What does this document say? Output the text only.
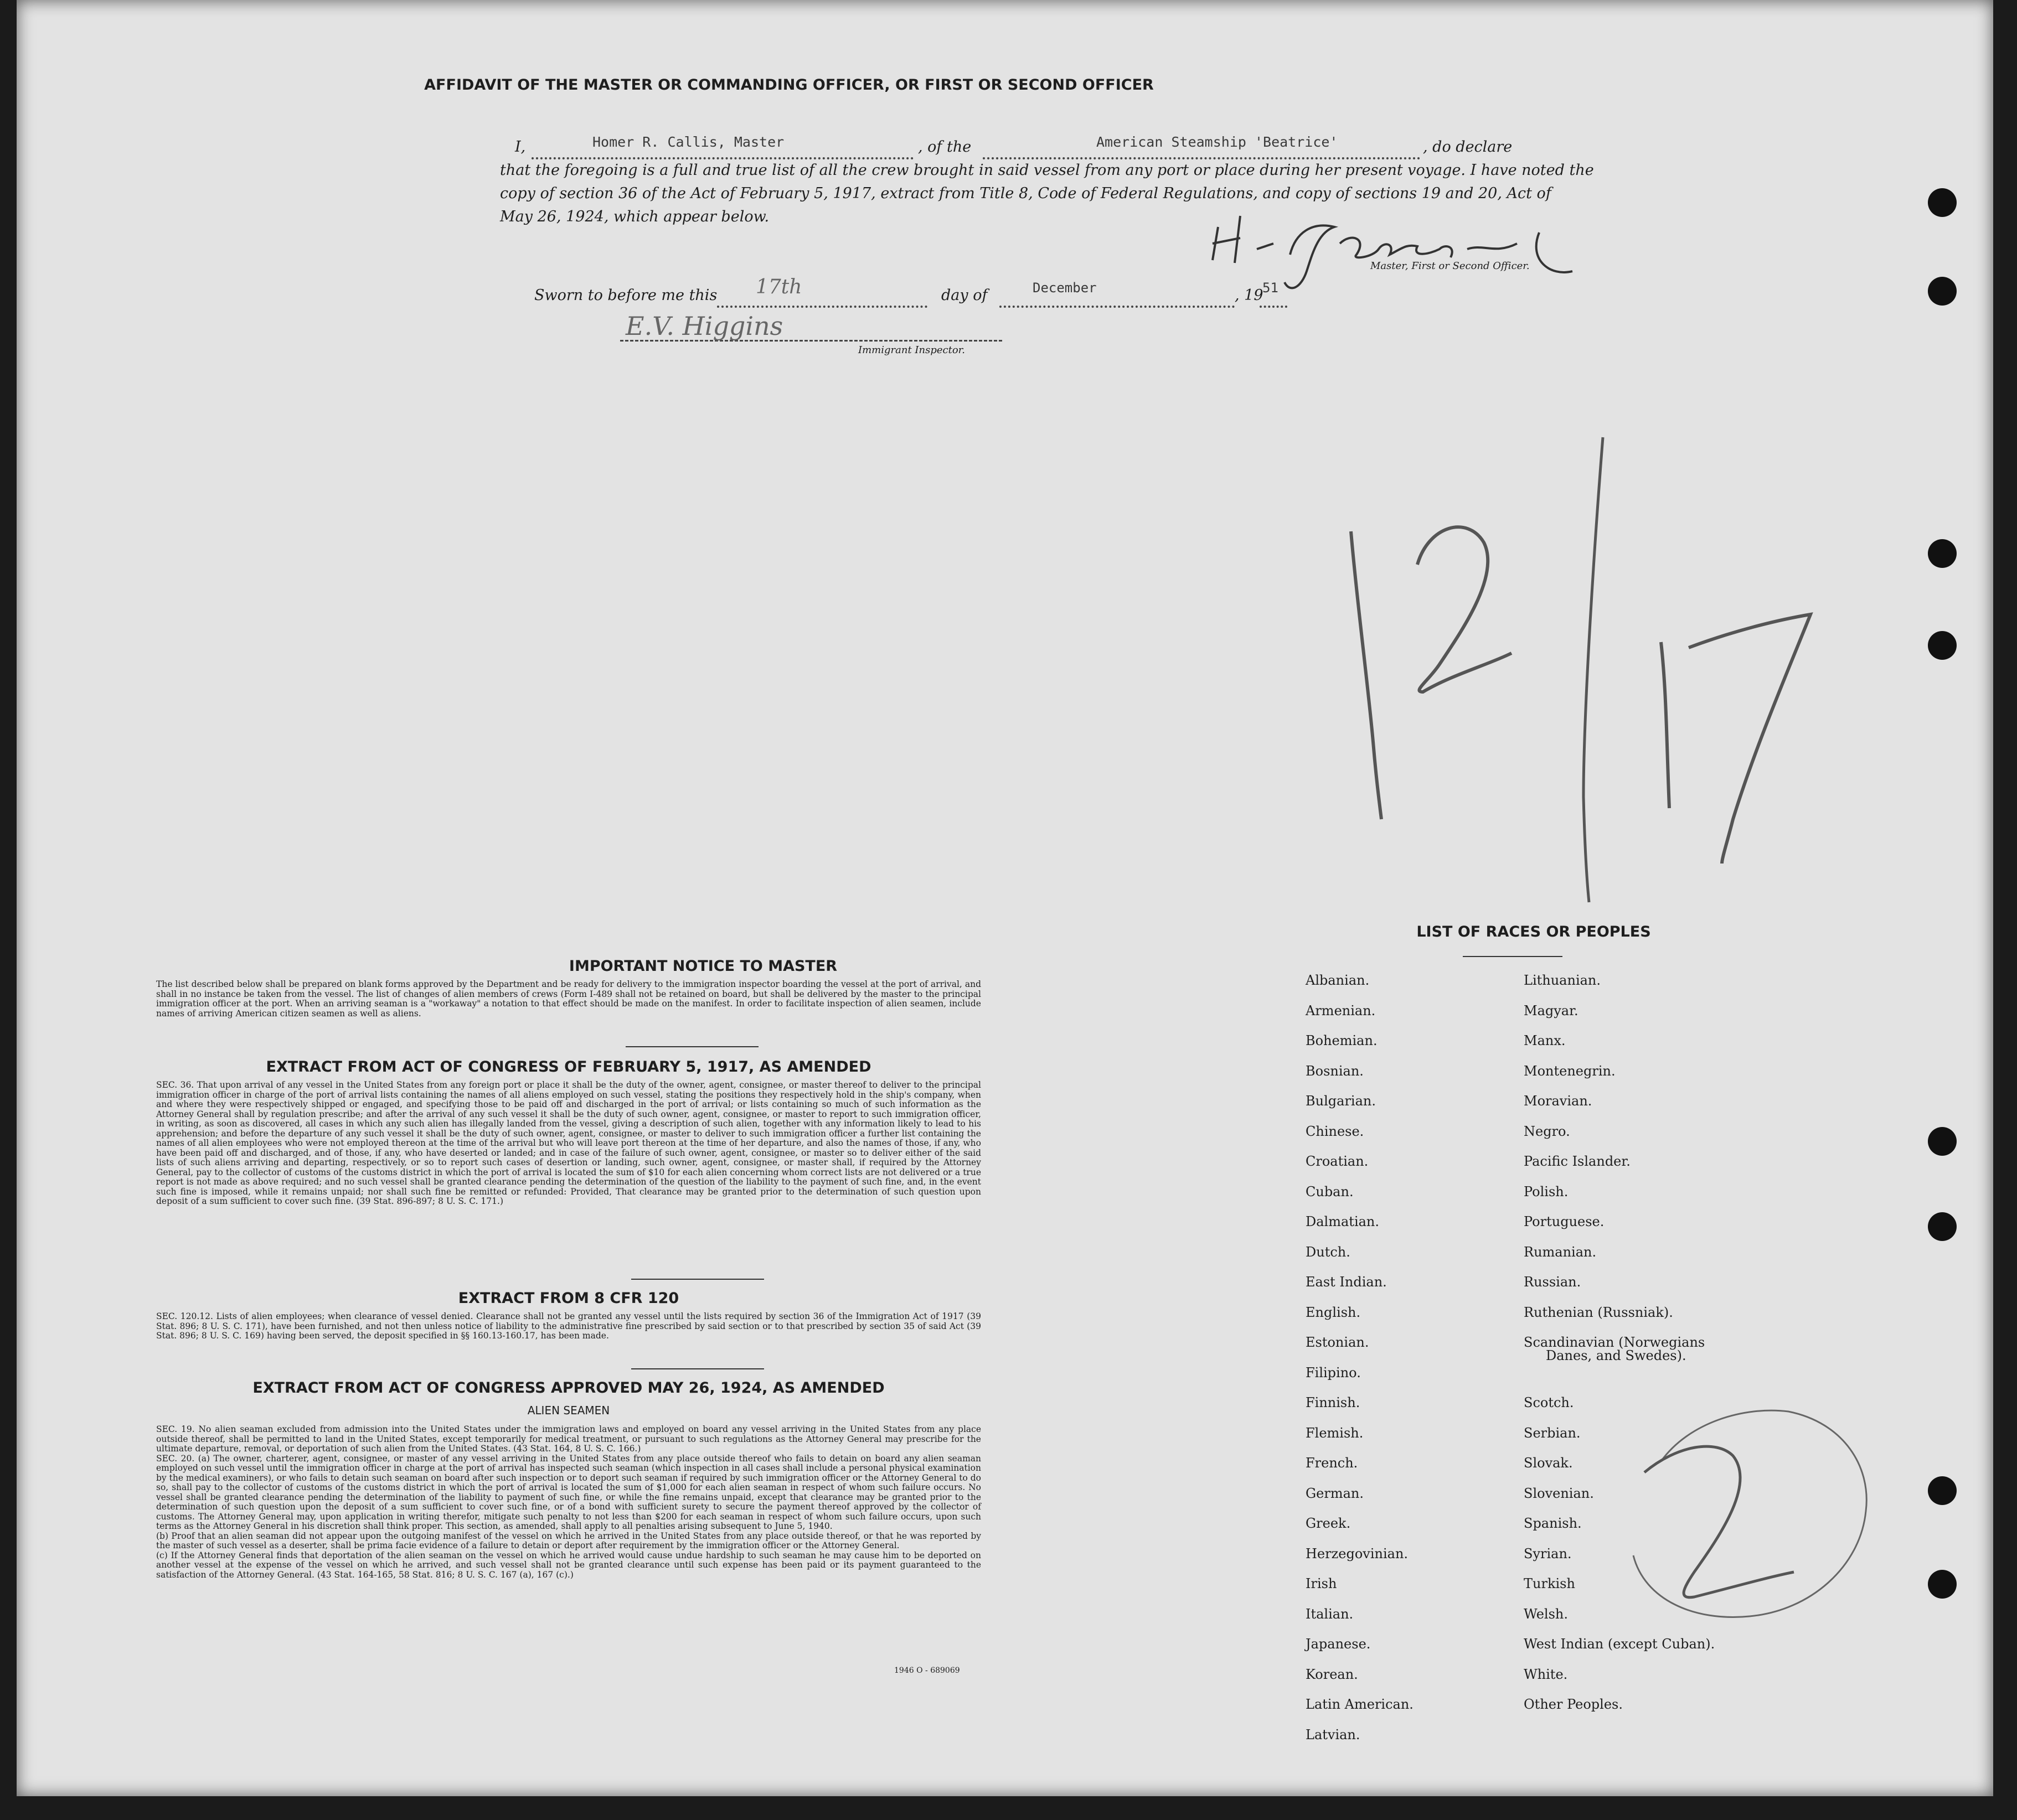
AFFIDAVIT OF THE MASTER OR COMMANDING OFFICER, OR FIRST OR SECOND OFFICER
I,	Homer R. Callis, Master	, of the	American Steamship 'Beatrice'	, do declare
that the foregoing is a full and true list of all the crew brought in said vessel from any port or place during her present voyage. I have noted the
copy of section 36 of the Act of February 5, 1917, extract from Title 8, Code of Federal Regulations, and copy of sections 19 and 20, Act of
May 26, 1924, which appear below.
Master, First or Second Officer.
Sworn to before me this 17th	day of	December	, 19
51
E.V. Higgins
Immigrant Inspector.
IMPORTANT NOTICE TO MASTER
The list described below shall be prepared on blank forms approved by the Department and be ready for delivery to the immigration inspector boarding the vessel at the port of arrival, and shall in no instance be taken from the vessel. The list of changes of alien members of crews (Form I-489 shall not be retained on board, but shall be delivered by the master to the principal immigration officer at the port. When an arriving seaman is a "workaway" a notation to that effect should be made on the manifest. In order to facilitate inspection of alien seamen, include names of arriving American citizen seamen as well as aliens.
EXTRACT FROM ACT OF CONGRESS OF FEBRUARY 5, 1917, AS AMENDED
SEC. 36. That upon arrival of any vessel in the United States from any foreign port or place it shall be the duty of the owner, agent, consignee, or master thereof to deliver to the principal immigration officer in charge of the port of arrival lists containing the names of all aliens employed on such vessel, stating the positions they respectively hold in the ship's company, when and where they were respectively shipped or engaged, and specifying those to be paid off and discharged in the port of arrival; or lists containing so much of such information as the Attorney General shall by regulation prescribe; and after the arrival of any such vessel it shall be the duty of such owner, agent, consignee, or master to report to such immigration officer, in writing, as soon as discovered, all cases in which any such alien has illegally landed from the vessel, giving a description of such alien, together with any information likely to lead to his apprehension; and before the departure of any such vessel it shall be the duty of such owner, agent, consignee, or master to deliver to such immigration officer a further list containing the names of all alien employees who were not employed thereon at the time of the arrival but who will leave port thereon at the time of her departure, and also the names of those, if any, who have been paid off and discharged, and of those, if any, who have deserted or landed; and in case of the failure of such owner, agent, consignee, or master so to deliver either of the said lists of such aliens arriving and departing, respectively, or so to report such cases of desertion or landing, such owner, agent, consignee, or master shall, if required by the Attorney General, pay to the collector of customs of the customs district in which the port of arrival is located the sum of $10 for each alien concerning whom correct lists are not delivered or a true report is not made as above required; and no such vessel shall be granted clearance pending the determination of the question of the liability to the payment of such fine, and, in the event such fine is imposed, while it remains unpaid; nor shall such fine be remitted or refunded: Provided, That clearance may be granted prior to the determination of such question upon deposit of a sum sufficient to cover such fine. (39 Stat. 896-897; 8 U. S. C. 171.)
EXTRACT FROM 8 CFR 120
SEC. 120.12. Lists of alien employees; when clearance of vessel denied. Clearance shall not be granted any vessel until the lists required by section 36 of the Immigration Act of 1917 (39 Stat. 896; 8 U. S. C. 171), have been furnished, and not then unless notice of liability to the administrative fine prescribed by said section or to that prescribed by section 35 of said Act (39 Stat. 896; 8 U. S. C. 169) having been served, the deposit specified in §§ 160.13-160.17, has been made.
EXTRACT FROM ACT OF CONGRESS APPROVED MAY 26, 1924, AS AMENDED
ALIEN SEAMEN
SEC. 19. No alien seaman excluded from admission into the United States under the immigration laws and employed on board any vessel arriving in the United States from any place outside thereof, shall be permitted to land in the United States, except temporarily for medical treatment, or pursuant to such regulations as the Attorney General may prescribe for the ultimate departure, removal, or deportation of such alien from the United States. (43 Stat. 164, 8 U. S. C. 166.)
SEC. 20. (a) The owner, charterer, agent, consignee, or master of any vessel arriving in the United States from any place outside thereof who fails to detain on board any alien seaman employed on such vessel until the immigration officer in charge at the port of arrival has inspected such seaman (which inspection in all cases shall include a personal physical examination by the medical examiners), or who fails to detain such seaman on board after such inspection or to deport such seaman if required by such immigration officer or the Attorney General to do so, shall pay to the collector of customs of the customs district in which the port of arrival is located the sum of $1,000 for each alien seaman in respect of whom such failure occurs. No vessel shall be granted clearance pending the determination of the liability to payment of such fine, or while the fine remains unpaid, except that clearance may be granted prior to the determination of such question upon the deposit of a sum sufficient to cover such fine, or of a bond with sufficient surety to secure the payment thereof approved by the collector of customs. The Attorney General may, upon application in writing therefor, mitigate such penalty to not less than $200 for each seaman in respect of whom such failure occurs, upon such terms as the Attorney General in his discretion shall think proper. This section, as amended, shall apply to all penalties arising subsequent to June 5, 1940.
(b) Proof that an alien seaman did not appear upon the outgoing manifest of the vessel on which he arrived in the United States from any place outside thereof, or that he was reported by the master of such vessel as a deserter, shall be prima facie evidence of a failure to detain or deport after requirement by the immigration officer or the Attorney General.
(c) If the Attorney General finds that deportation of the alien seaman on the vessel on which he arrived would cause undue hardship to such seaman he may cause him to be deported on another vessel at the expense of the vessel on which he arrived, and such vessel shall not be granted clearance until such expense has been paid or its payment guaranteed to the satisfaction of the Attorney General. (43 Stat. 164-165, 58 Stat. 816; 8 U. S. C. 167 (a), 167 (c).)
1946 O - 689069
LIST OF RACES OR PEOPLES
Albanian.
Armenian.
Bohemian.
Bosnian.
Bulgarian.
Chinese.
Croatian.
Cuban.
Dalmatian.
Dutch.
East Indian.
English.
Estonian.
Filipino.
Finnish.
Flemish.
French.
German.
Greek.
Herzegovinian.
Irish
Italian.
Japanese.
Korean.
Latin American.
Latvian.
Lithuanian.
Magyar.
Manx.
Montenegrin.
Moravian.
Negro.
Pacific Islander.
Polish.
Portuguese.
Rumanian.
Russian.
Ruthenian (Russniak).
Scandinavian (Norwegians
Scotch.
Serbian.
Slovak.
Slovenian.
Spanish.
Syrian.
Turkish
Welsh.
West Indian (except Cuban).
White.
Other Peoples.
Danes, and Swedes).
